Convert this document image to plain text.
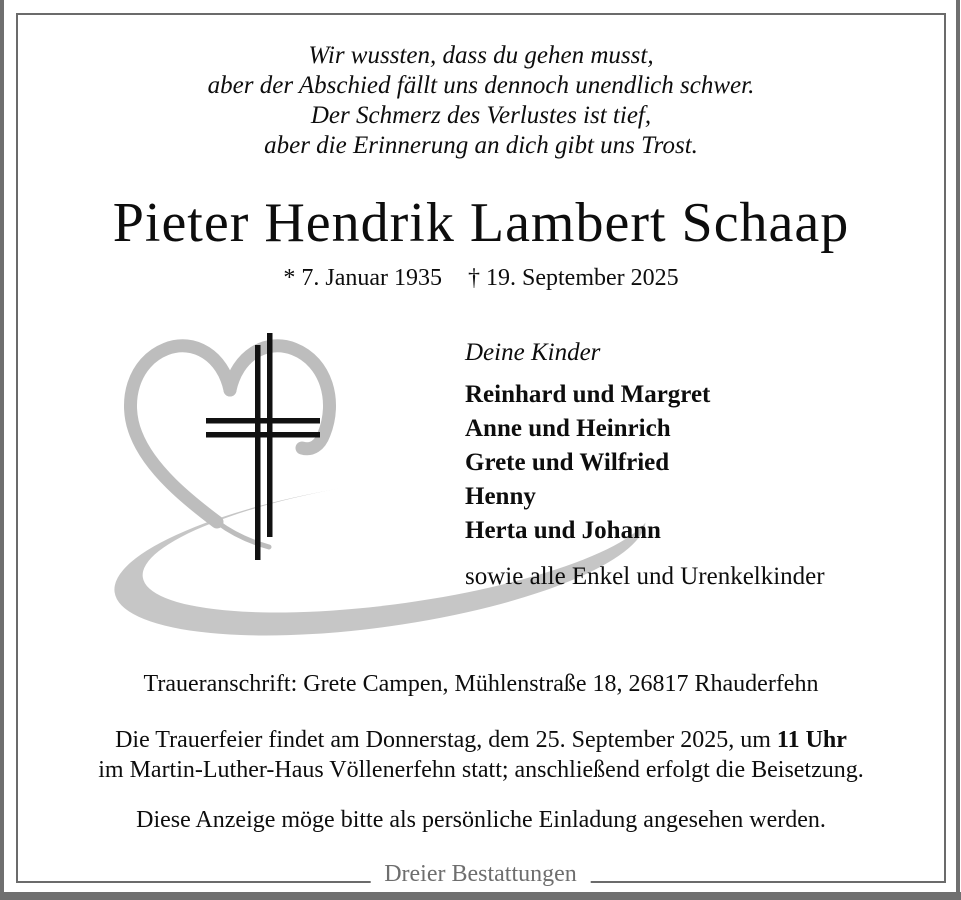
Wir wussten, dass du gehen musst,
aber der Abschied fällt uns dennoch unendlich schwer.
Der Schmerz des Verlustes ist tief,
aber die Erinnerung an dich gibt uns Trost.
Pieter Hendrik Lambert Schaap
* 7. Januar 1935 † 19. September 2025
Deine Kinder
Reinhard und Margret
Anne und Heinrich
Grete und Wilfried
Henny
Herta und Johann
sowie alle Enkel und Urenkelkinder
Traueranschrift: Grete Campen, Mühlenstraße 18, 26817 Rhauderfehn
Die Trauerfeier findet am Donnerstag, dem 25. September 2025, um 11 Uhr
im Martin-Luther-Haus Völlenerfehn statt; anschließend erfolgt die Beisetzung.
Diese Anzeige möge bitte als persönliche Einladung angesehen werden.
Dreier Bestattungen
